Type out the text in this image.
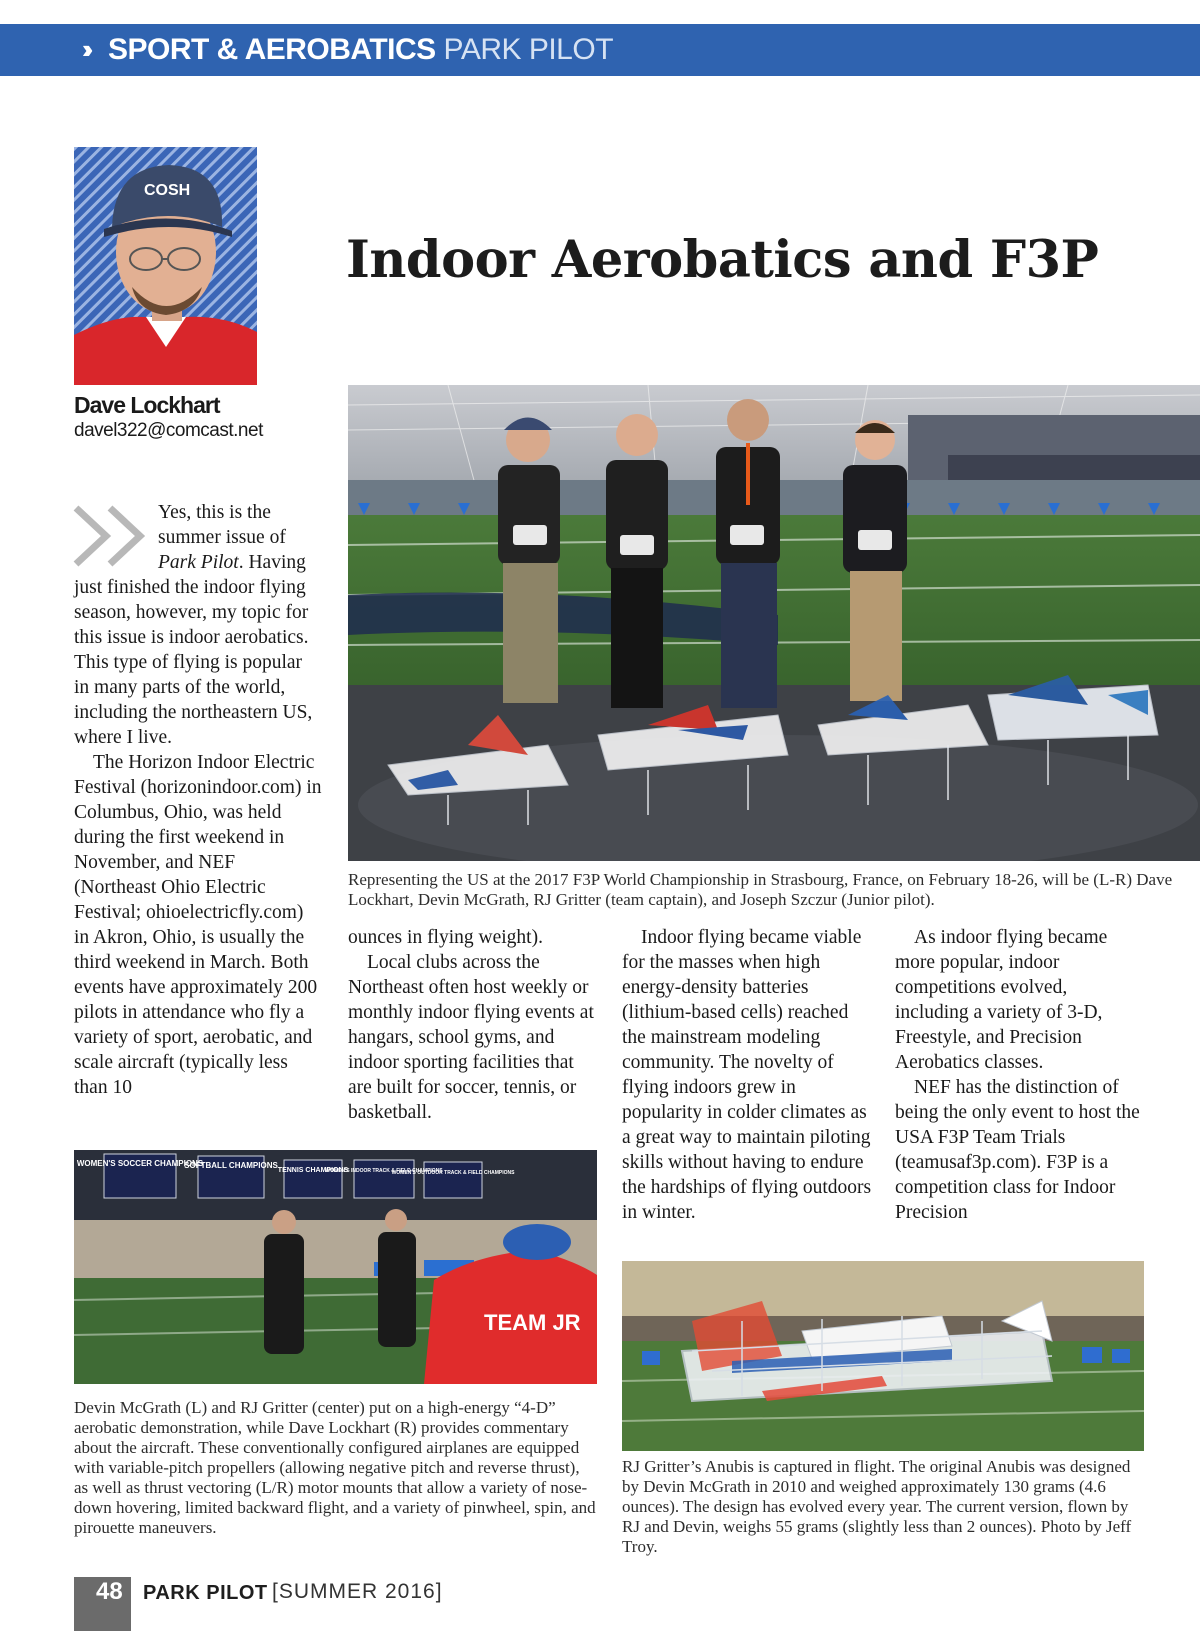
›› SPORT & AEROBATICS PARK PILOT
COSH
Dave Lockhart
davel322@comcast.net
Indoor Aerobatics and F3P
Representing the US at the 2017 F3P World Championship in Strasbourg, France, on February 18-26, will be (L-R) Dave Lockhart, Devin McGrath, RJ Gritter (team captain), and Joseph Szczur (Junior pilot).

Yes, this is the summer issue of Park Pilot. Having just finished the indoor flying season, however, my topic for this issue is indoor aerobatics. This type of flying is popular in many parts of the world, including the northeastern US, where I live.

The Horizon Indoor Electric Festival (horizonindoor.com) in Columbus, Ohio, was held during the first weekend in November, and NEF (Northeast Ohio Electric Festival; ohioelectricfly.com) in Akron, Ohio, is usually the third weekend in March. Both events have approximately 200 pilots in attendance who fly a variety of sport, aerobatic, and scale aircraft (typically less than 10

ounces in flying weight).

Local clubs across the Northeast often host weekly or monthly indoor flying events at hangars, school gyms, and indoor sporting facilities that are built for soccer, tennis, or basketball.

Indoor flying became viable for the masses when high energy-density batteries (lithium-based cells) reached the mainstream modeling community. The novelty of flying indoors grew in popularity in colder climates as a great way to maintain piloting skills without having to endure the hardships of flying outdoors in winter.

As indoor flying became more popular, indoor competitions evolved, including a variety of 3-D, Freestyle, and Precision Aerobatics classes.

NEF has the distinction of being the only event to host the USA F3P Team Trials (teamusaf3p.com). F3P is a competition class for Indoor Precision

WOMEN'S SOCCER CHAMPIONS
SOFTBALL CHAMPIONS
TENNIS CHAMPIONS
WOMEN'S INDOOR TRACK & FIELD CHAMPIONS
WOMEN'S OUTDOOR TRACK & FIELD CHAMPIONS
TEAM JR
Devin McGrath (L) and RJ Gritter (center) put on a high-energy “4-D” aerobatic demonstration, while Dave Lockhart (R) provides commentary about the aircraft. These conventionally configured airplanes are equipped with variable-pitch propellers (allowing negative pitch and reverse thrust), as well as thrust vectoring (L/R) motor mounts that allow a variety of nose-down hovering, limited backward flight, and a variety of pinwheel, spin, and pirouette maneuvers.
RJ Gritter’s Anubis is captured in flight. The original Anubis was designed by Devin McGrath in 2010 and weighed approximately 130 grams (4.6 ounces). The design has evolved every year. The current version, flown by RJ and Devin, weighs 55 grams (slightly less than 2 ounces). Photo by Jeff Troy.
48 PARK PILOT [SUMMER 2016]
